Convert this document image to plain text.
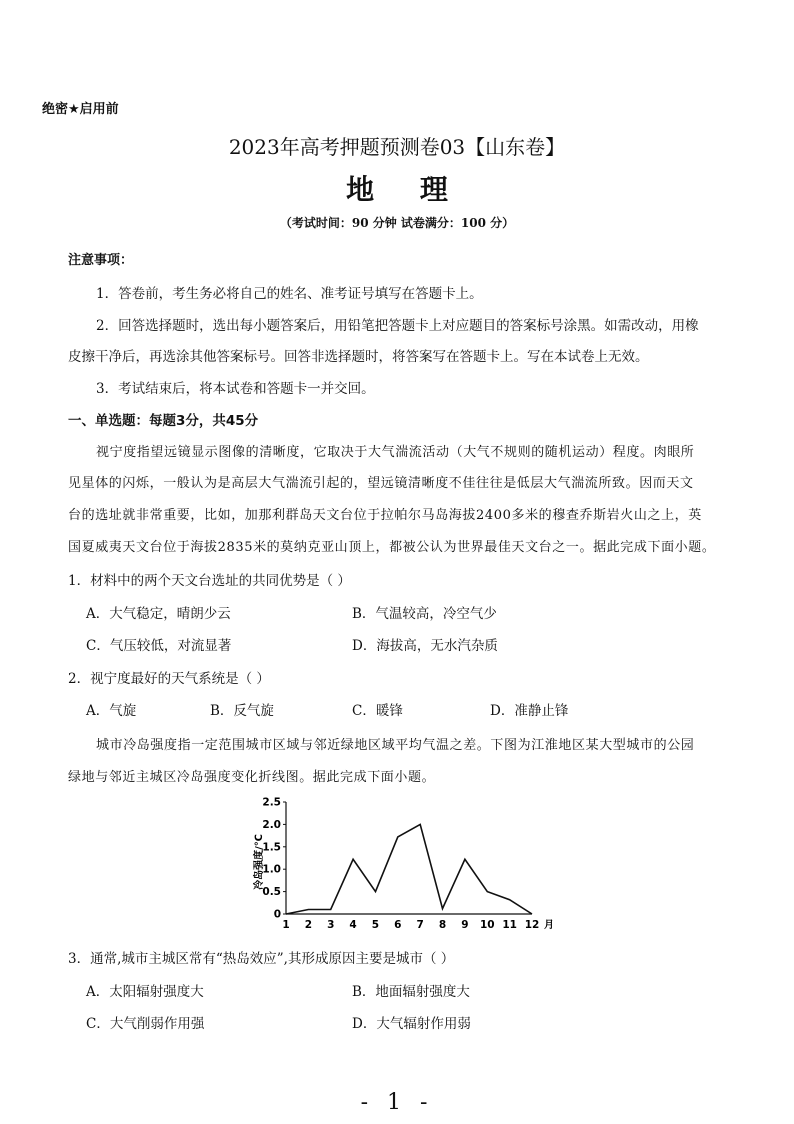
绝密★启用前
2023年高考押题预测卷03【山东卷】
地 理
（考试时间：90 分钟 试卷满分：100 分）
注意事项：
1．答卷前，考生务必将自己的姓名、准考证号填写在答题卡上。
2．回答选择题时，选出每小题答案后，用铅笔把答题卡上对应题目的答案标号涂黑。如需改动，用橡
皮擦干净后，再选涂其他答案标号。回答非选择题时，将答案写在答题卡上。写在本试卷上无效。
3．考试结束后，将本试卷和答题卡一并交回。
一、单选题：每题3分，共45分
视宁度指望远镜显示图像的清晰度，它取决于大气湍流活动（大气不规则的随机运动）程度。肉眼所
见星体的闪烁，一般认为是高层大气湍流引起的，望远镜清晰度不佳往往是低层大气湍流所致。因而天文
台的选址就非常重要，比如，加那利群岛天文台位于拉帕尔马岛海拔2400多米的穆查乔斯岩火山之上，英
国夏威夷天文台位于海拔2835米的莫纳克亚山顶上，都被公认为世界最佳天文台之一。据此完成下面小题。
1．材料中的两个天文台选址的共同优势是（ ）
A．大气稳定，晴朗少云	B．气温较高，冷空气少
C．气压较低，对流显著	D．海拔高，无水汽杂质
2．视宁度最好的天气系统是（ ）
A．气旋	B．反气旋	C．暖锋	D．准静止锋
城市冷岛强度指一定范围城市区域与邻近绿地区域平均气温之差。下图为江淮地区某大型城市的公园
绿地与邻近主城区冷岛强度变化折线图。据此完成下面小题。
冷岛强度/℃
0
0.5
1.0
1.5
2.0
2.5
1 2 3 4 5 6 7 8 9 10 11 12 月
3．通常,城市主城区常有“热岛效应”,其形成原因主要是城市（ ）
A．太阳辐射强度大	B．地面辐射强度大
C．大气削弱作用强	D．大气辐射作用弱
- 1 -
